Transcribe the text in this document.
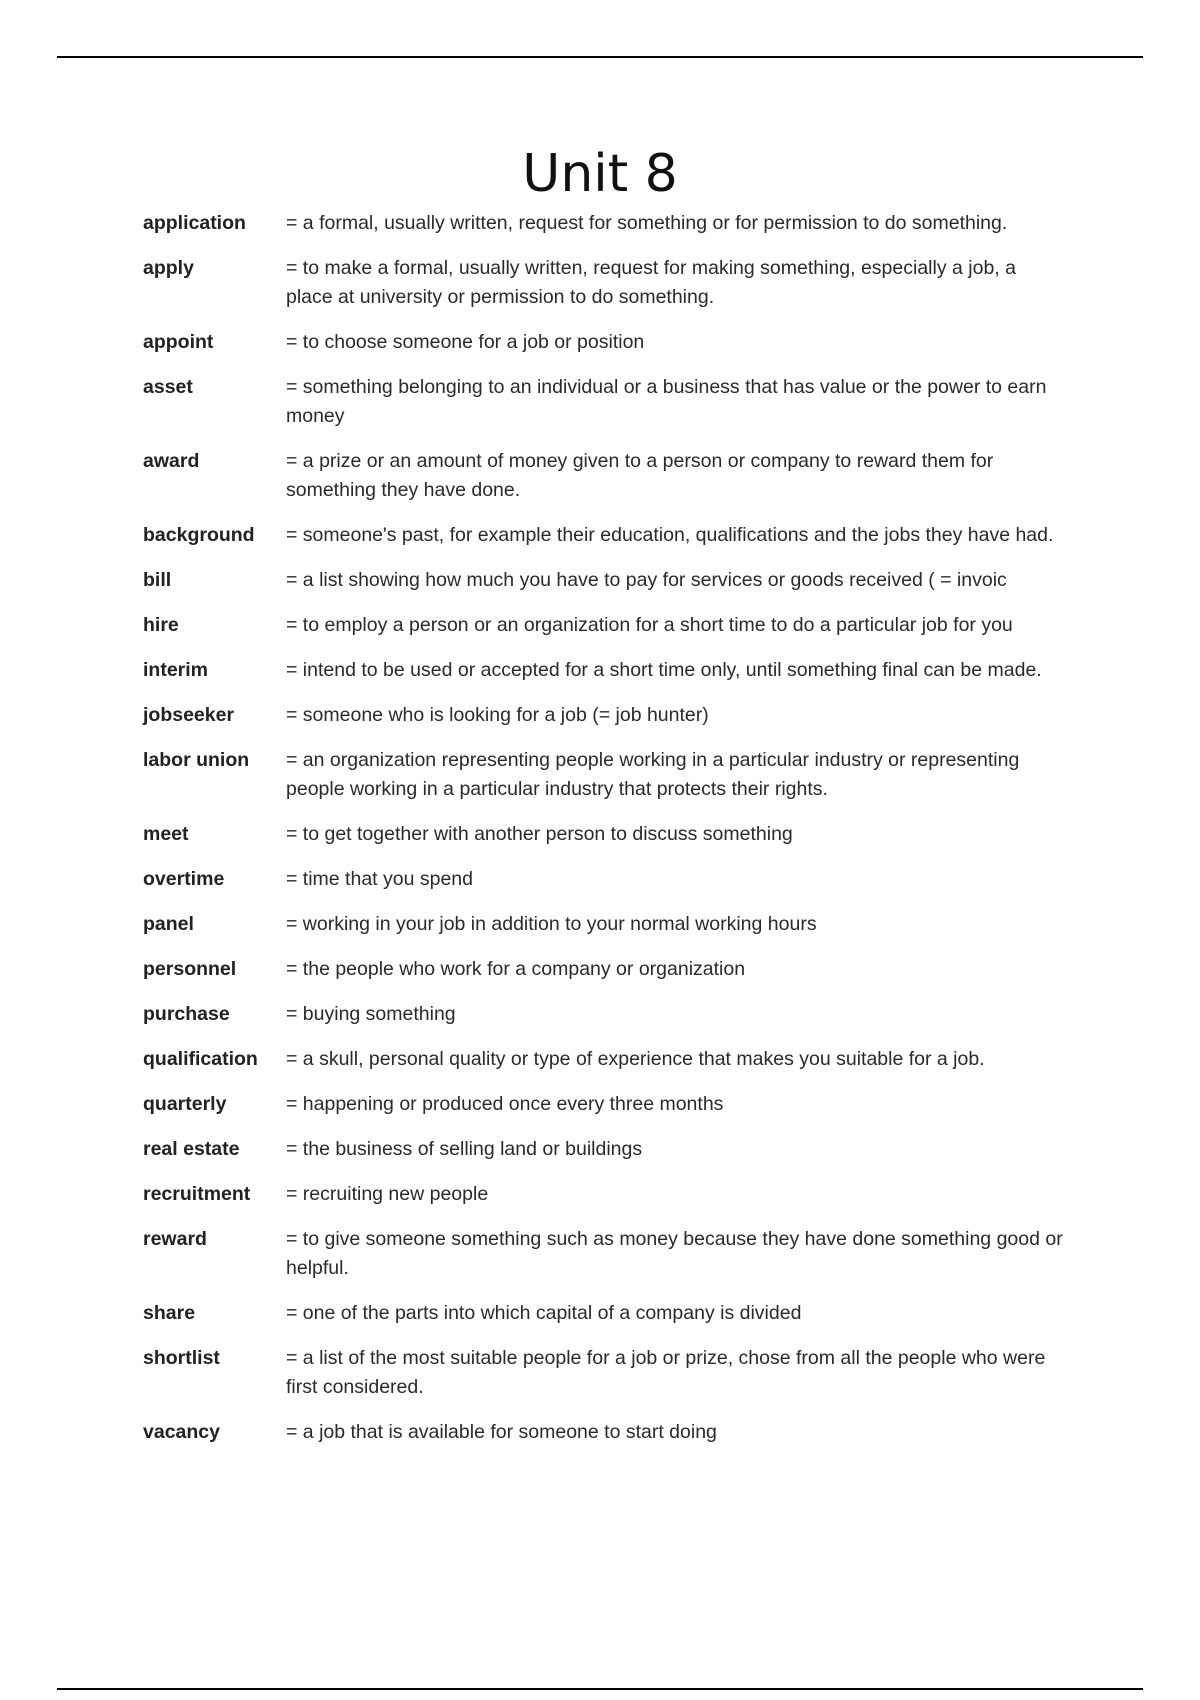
Unit 8
application	= a formal, usually written, request for something or for permission to do something.
apply	= to make a formal, usually written, request for making something, especially a job, a place at university or permission to do something.
appoint	= to choose someone for a job or position
asset	= something belonging to an individual or a business that has value or the power to earn money
award	= a prize or an amount of money given to a person or company to reward them for something they have done.
background	= someone's past, for example their education, qualifications and the jobs they have had.
bill	= a list showing how much you have to pay for services or goods received ( = invoic
hire	= to employ a person or an organization for a short time to do a particular job for you
interim	= intend to be used or accepted for a short time only, until something final can be made.
jobseeker	= someone who is looking for a job (= job hunter)
labor union	= an organization representing people working in a particular industry or representing people working in a particular industry that protects their rights.
meet	= to get together with another person to discuss something
overtime	= time that you spend
panel	= working in your job in addition to your normal working hours
personnel	= the people who work for a company or organization
purchase	= buying something
qualification	= a skull, personal quality or type of experience that makes you suitable for a job.
quarterly	= happening or produced once every three months
real estate	= the business of selling land or buildings
recruitment	= recruiting new people
reward	= to give someone something such as money because they have done something good or helpful.
share	= one of the parts into which capital of a company is divided
shortlist	= a list of the most suitable people for a job or prize, chose from all the people who were first considered.
vacancy	= a job that is available for someone to start doing
